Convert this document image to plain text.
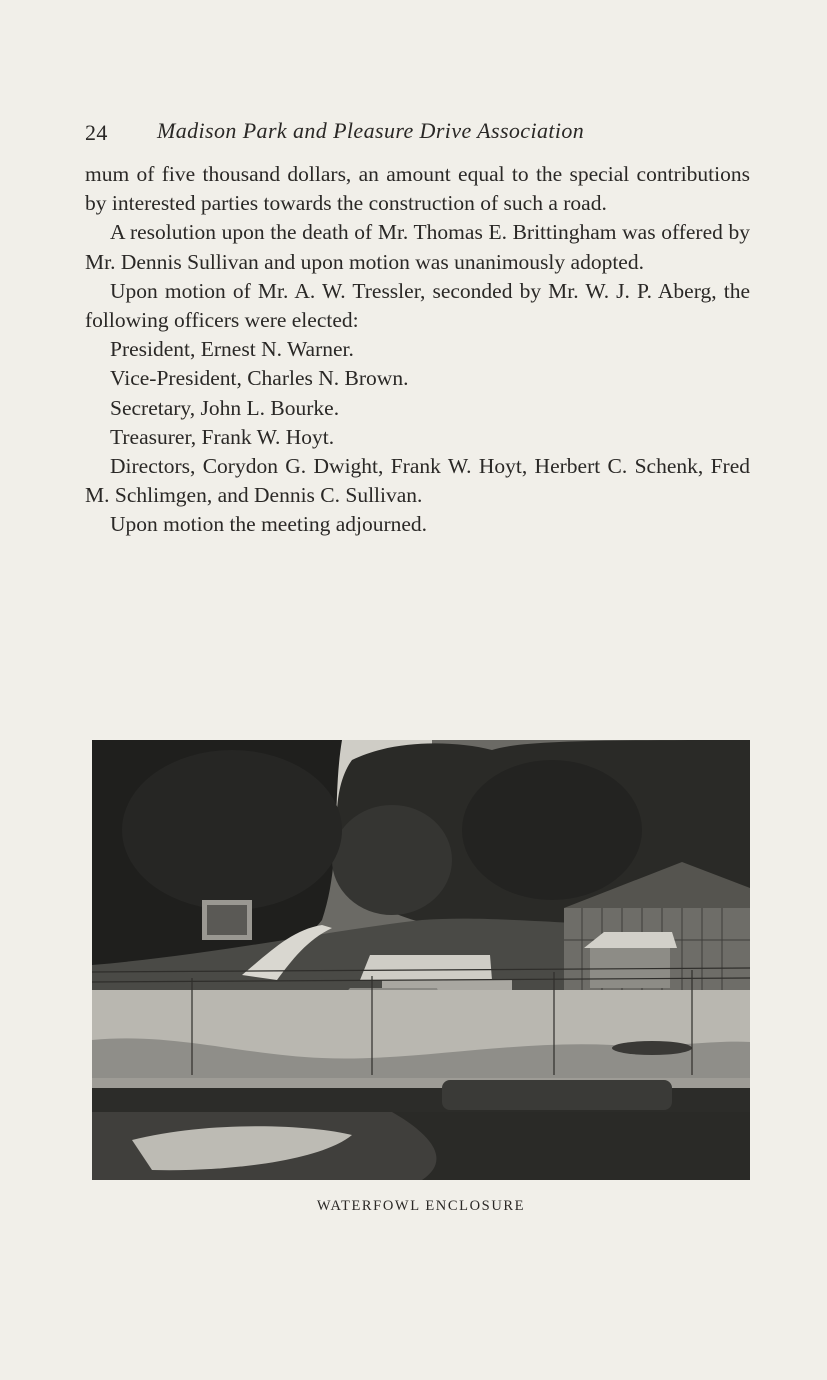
24 Madison Park and Pleasure Drive Association

mum of five thousand dollars, an amount equal to the special contributions by interested parties towards the construction of such a road.

A resolution upon the death of Mr. Thomas E. Brittingham was offered by Mr. Dennis Sullivan and upon motion was unanimously adopted.

Upon motion of Mr. A. W. Tressler, seconded by Mr. W. J. P. Aberg, the following officers were elected:

President, Ernest N. Warner.

Vice-President, Charles N. Brown.

Secretary, John L. Bourke.

Treasurer, Frank W. Hoyt.

Directors, Corydon G. Dwight, Frank W. Hoyt, Herbert C. Schenk, Fred M. Schlimgen, and Dennis C. Sullivan.

Upon motion the meeting adjourned.

WATERFOWL ENCLOSURE
